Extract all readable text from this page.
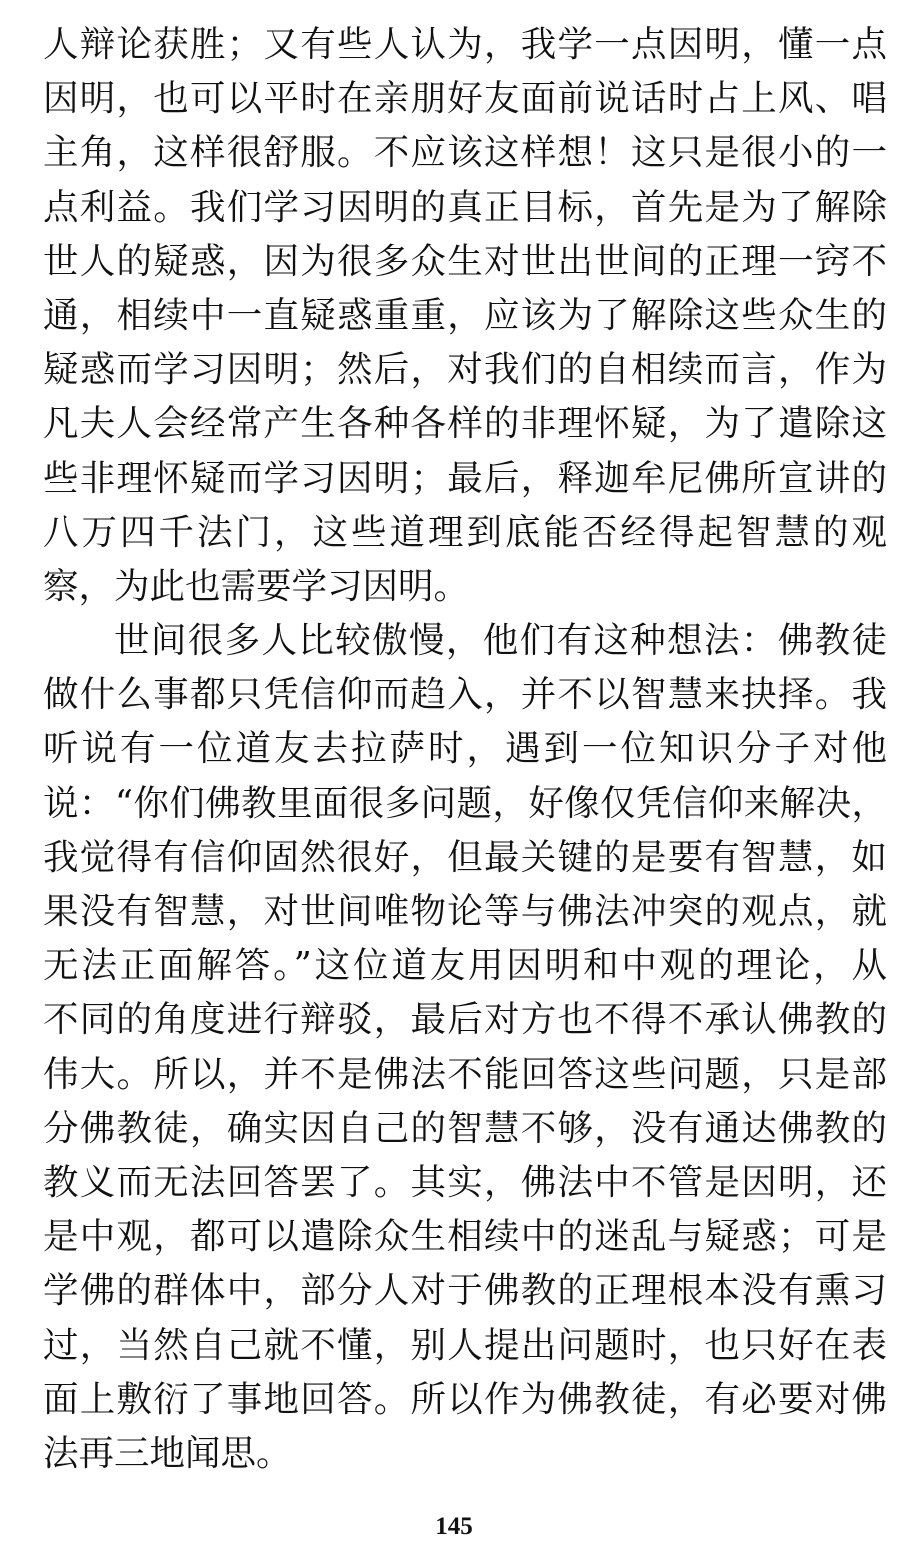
人辩论获胜；又有些人认为，我学一点因明，懂一点
因明，也可以平时在亲朋好友面前说话时占上风、唱
主角，这样很舒服。不应该这样想！这只是很小的一
点利益。我们学习因明的真正目标，首先是为了解除
世人的疑惑，因为很多众生对世出世间的正理一窍不
通，相续中一直疑惑重重，应该为了解除这些众生的
疑惑而学习因明；然后，对我们的自相续而言，作为
凡夫人会经常产生各种各样的非理怀疑，为了遣除这
些非理怀疑而学习因明；最后，释迦牟尼佛所宣讲的
八万四千法门，这些道理到底能否经得起智慧的观
察，为此也需要学习因明。
世间很多人比较傲慢，他们有这种想法：佛教徒
做什么事都只凭信仰而趋入，并不以智慧来抉择。我
听说有一位道友去拉萨时，遇到一位知识分子对他
说：“你们佛教里面很多问题，好像仅凭信仰来解决，
我觉得有信仰固然很好，但最关键的是要有智慧，如
果没有智慧，对世间唯物论等与佛法冲突的观点，就
无法正面解答。”这位道友用因明和中观的理论，从
不同的角度进行辩驳，最后对方也不得不承认佛教的
伟大。所以，并不是佛法不能回答这些问题，只是部
分佛教徒，确实因自己的智慧不够，没有通达佛教的
教义而无法回答罢了。其实，佛法中不管是因明，还
是中观，都可以遣除众生相续中的迷乱与疑惑；可是
学佛的群体中，部分人对于佛教的正理根本没有熏习
过，当然自己就不懂，别人提出问题时，也只好在表
面上敷衍了事地回答。所以作为佛教徒，有必要对佛
法再三地闻思。
145
